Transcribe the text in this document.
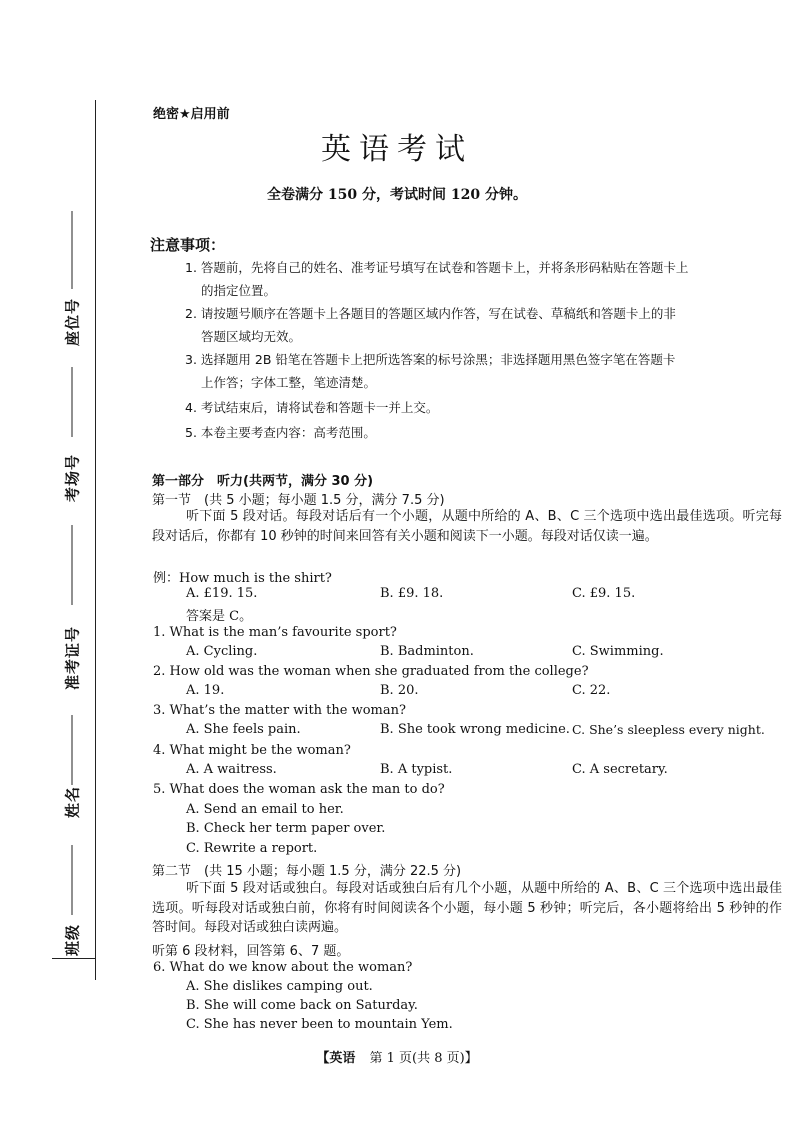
座位号
考场号
准考证号
姓名
班级
绝密★启用前
英语考试
全卷满分 150 分，考试时间 120 分钟。
注意事项：
1. 答题前，先将自己的姓名、准考证号填写在试卷和答题卡上，并将条形码粘贴在答题卡上
的指定位置。
2. 请按题号顺序在答题卡上各题目的答题区域内作答，写在试卷、草稿纸和答题卡上的非
答题区域均无效。
3. 选择题用 2B 铅笔在答题卡上把所选答案的标号涂黑；非选择题用黑色签字笔在答题卡
上作答；字体工整，笔迹清楚。
4. 考试结束后，请将试卷和答题卡一并上交。
5. 本卷主要考查内容：高考范围。
第一部分　听力(共两节，满分 30 分)
第一节　(共 5 小题；每小题 1.5 分，满分 7.5 分)
听下面 5 段对话。每段对话后有一个小题，从题中所给的 A、B、C 三个选项中选出最佳选项。听完每段对话后，你都有 10 秒钟的时间来回答有关小题和阅读下一小题。每段对话仅读一遍。
例：How much is the shirt?
A. £19. 15.	B. £9. 18.	C. £9. 15.
答案是 C。
1. What is the man’s favourite sport?
A. Cycling.	B. Badminton.	C. Swimming.
2. How old was the woman when she graduated from the college?
A. 19.	B. 20.	C. 22.
3. What’s the matter with the woman?
A. She feels pain.	B. She took wrong medicine. C. She’s sleepless every night.
4. What might be the woman?
A. A waitress.	B. A typist.	C. A secretary.
5. What does the woman ask the man to do?
A. Send an email to her.
B. Check her term paper over.
C. Rewrite a report.
第二节　(共 15 小题；每小题 1.5 分，满分 22.5 分)
听下面 5 段对话或独白。每段对话或独白后有几个小题，从题中所给的 A、B、C 三个选项中选出最佳选项。听每段对话或独白前，你将有时间阅读各个小题，每小题 5 秒钟；听完后，各小题将给出 5 秒钟的作答时间。每段对话或独白读两遍。
听第 6 段材料，回答第 6、7 题。
6. What do we know about the woman?
A. She dislikes camping out.
B. She will come back on Saturday.
C. She has never been to mountain Yem.
【英语 第 1 页(共 8 页)】
